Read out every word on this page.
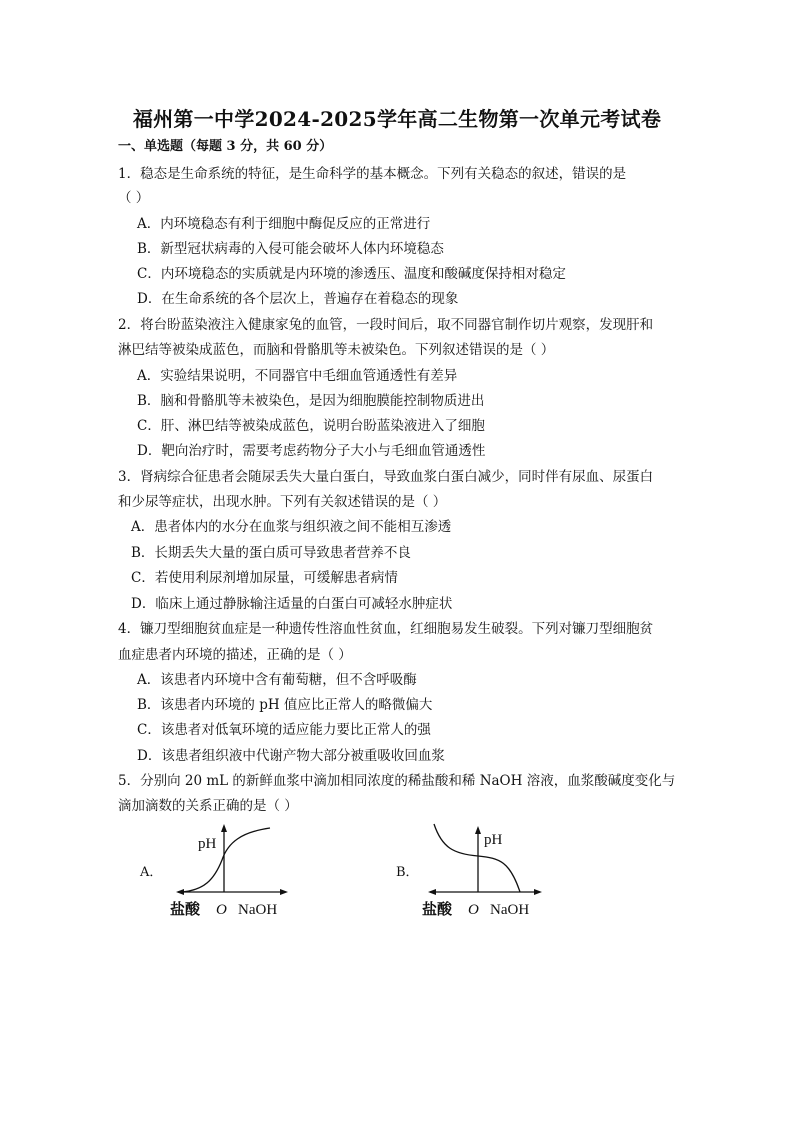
福州第一中学2024-2025学年高二生物第一次单元考试卷
一、单选题（每题 3 分，共 60 分）
1．稳态是生命系统的特征，是生命科学的基本概念。下列有关稳态的叙述，错误的是
（ ）
A．内环境稳态有利于细胞中酶促反应的正常进行
B．新型冠状病毒的入侵可能会破坏人体内环境稳态
C．内环境稳态的实质就是内环境的渗透压、温度和酸碱度保持相对稳定
D．在生命系统的各个层次上，普遍存在着稳态的现象
2．将台盼蓝染液注入健康家兔的血管，一段时间后，取不同器官制作切片观察，发现肝和
淋巴结等被染成蓝色，而脑和骨骼肌等未被染色。下列叙述错误的是（ ）
A．实验结果说明，不同器官中毛细血管通透性有差异
B．脑和骨骼肌等未被染色，是因为细胞膜能控制物质进出
C．肝、淋巴结等被染成蓝色，说明台盼蓝染液进入了细胞
D．靶向治疗时，需要考虑药物分子大小与毛细血管通透性
3．肾病综合征患者会随尿丢失大量白蛋白，导致血浆白蛋白减少，同时伴有尿血、尿蛋白
和少尿等症状，出现水肿。下列有关叙述错误的是（ ）
A．患者体内的水分在血浆与组织液之间不能相互渗透
B．长期丢失大量的蛋白质可导致患者营养不良
C．若使用利尿剂增加尿量，可缓解患者病情
D．临床上通过静脉输注适量的白蛋白可减轻水肿症状
4．镰刀型细胞贫血症是一种遗传性溶血性贫血，红细胞易发生破裂。下列对镰刀型细胞贫
血症患者内环境的描述，正确的是（ ）
A．该患者内环境中含有葡萄糖，但不含呼吸酶
B．该患者内环境的 pH 值应比正常人的略微偏大
C．该患者对低氧环境的适应能力要比正常人的强
D．该患者组织液中代谢产物大部分被重吸收回血浆
5．分别向 20 mL 的新鲜血浆中滴加相同浓度的稀盐酸和稀 NaOH 溶液，血浆酸碱度变化与
滴加滴数的关系正确的是（ ）
A．
pH
盐酸 O NaOH
B．
pH
盐酸 O NaOH
